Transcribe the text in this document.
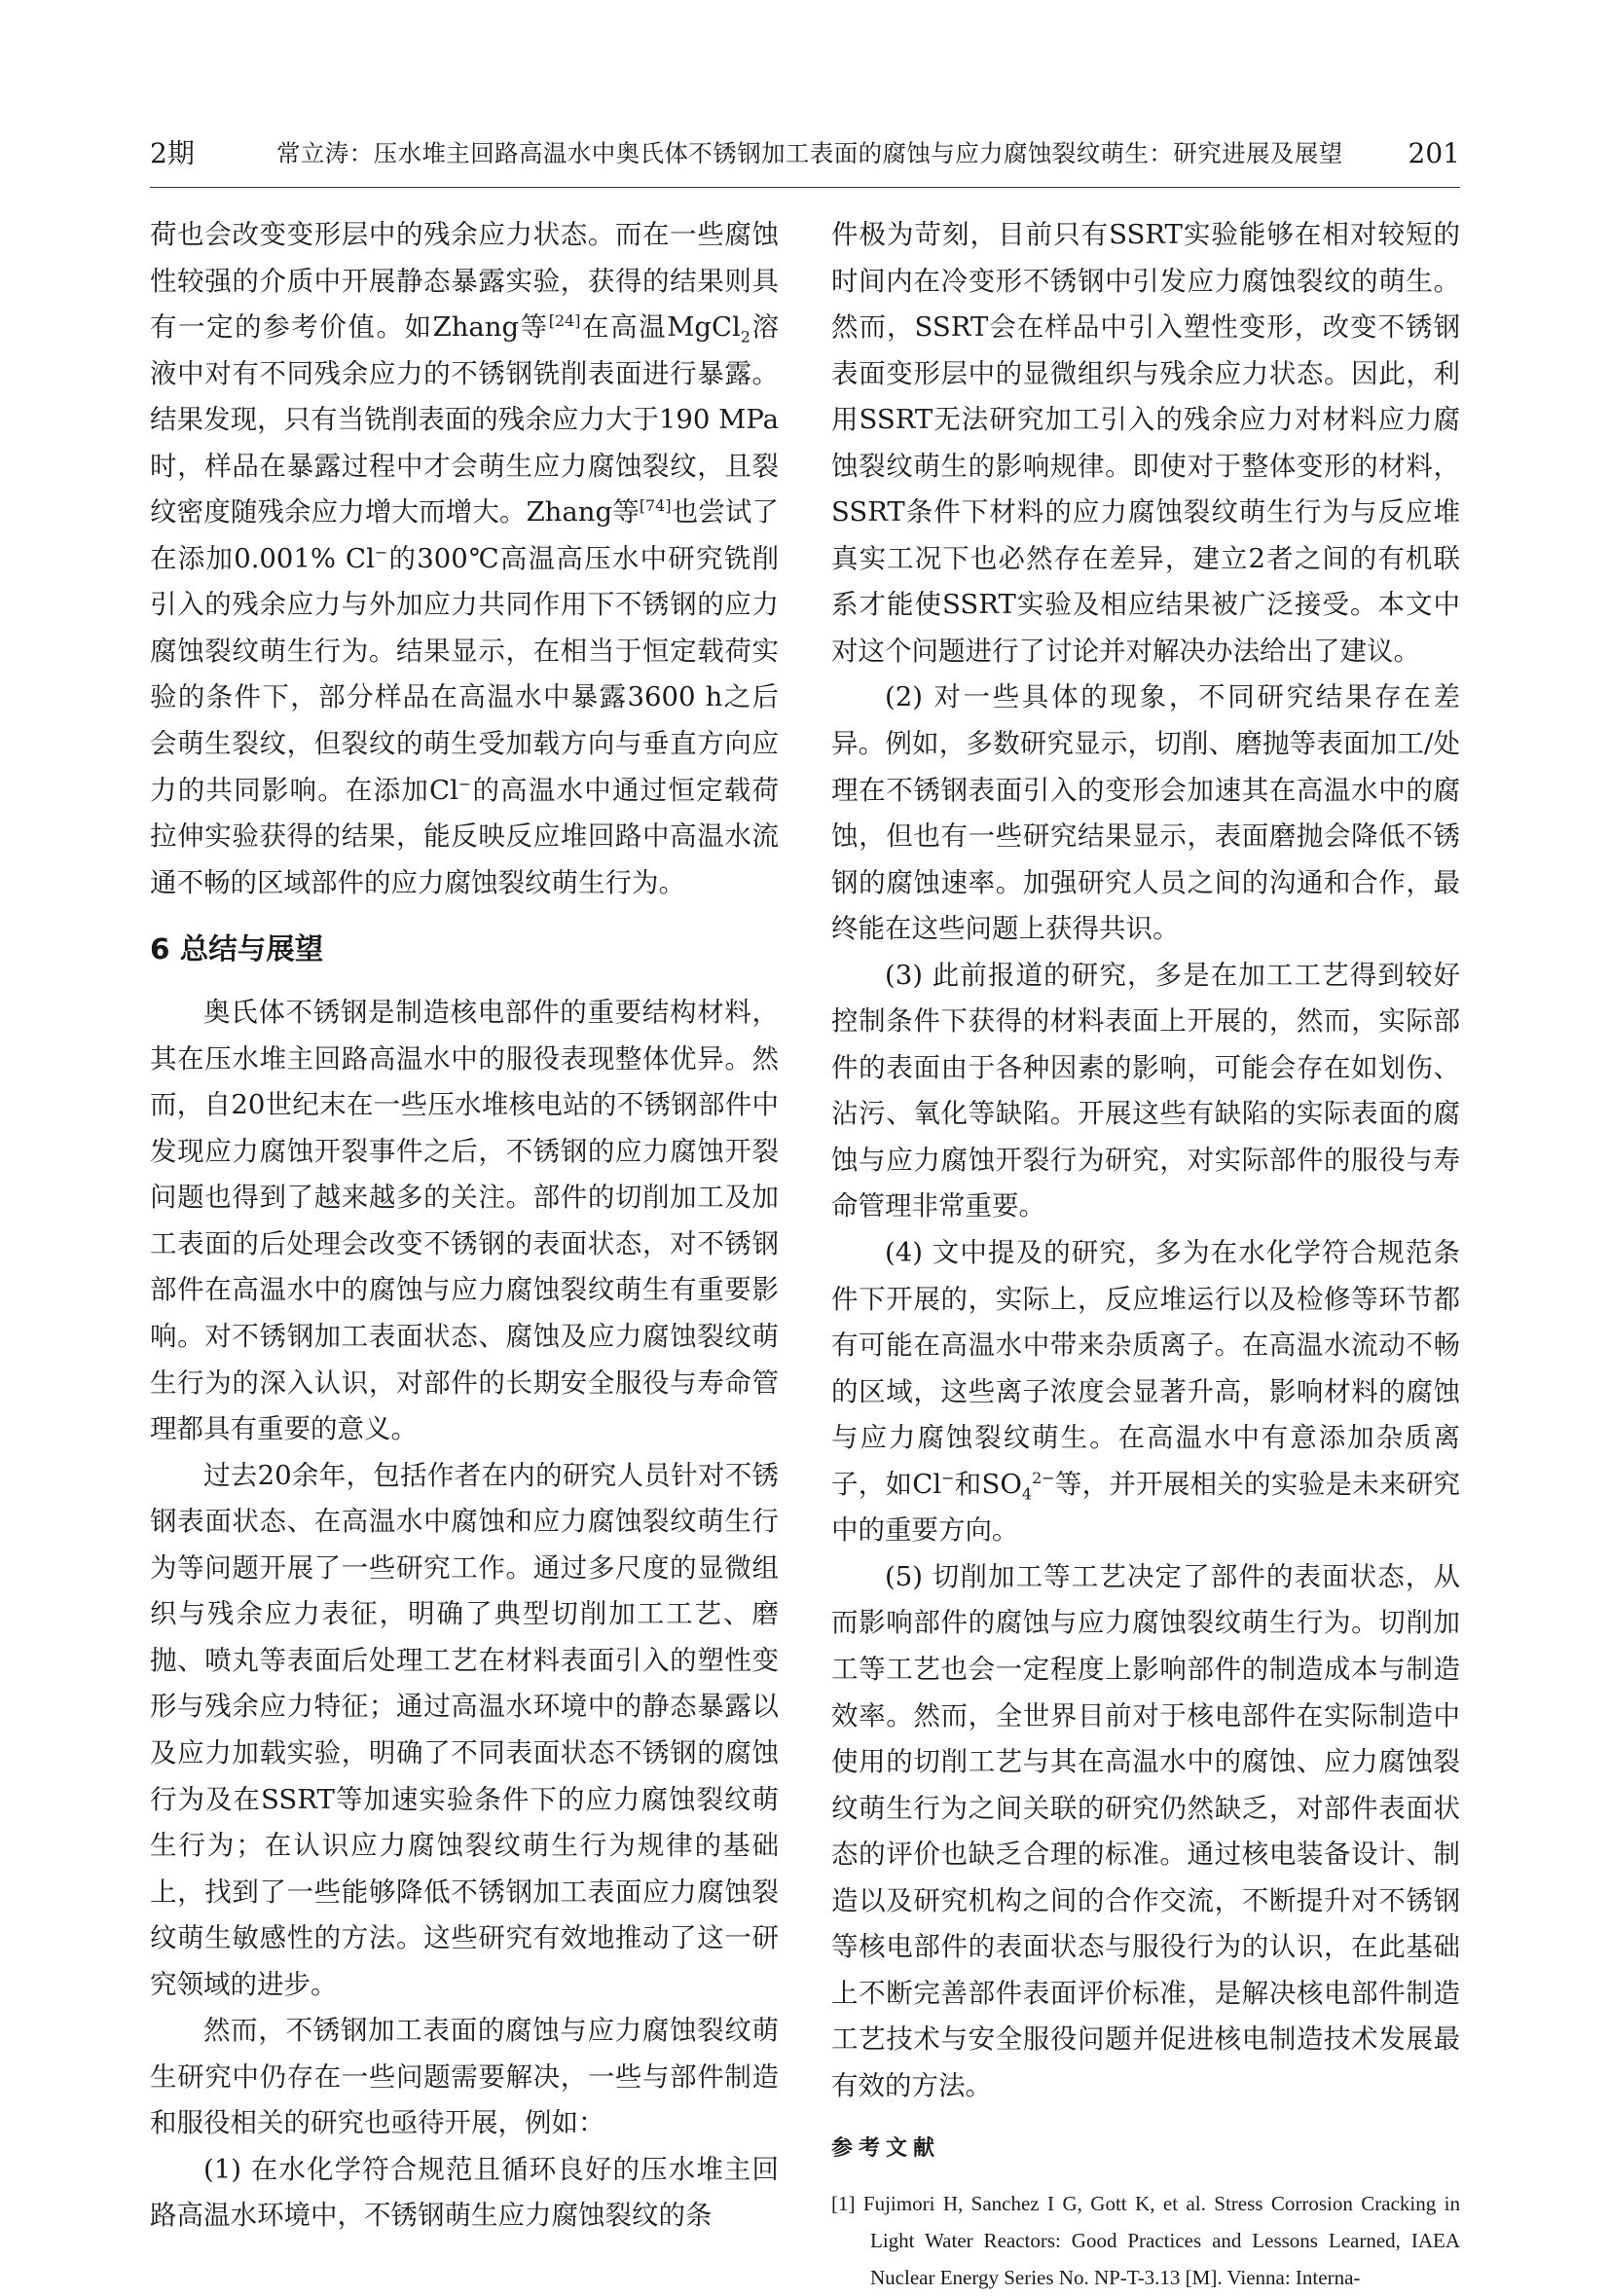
2期	常立涛：压水堆主回路高温水中奥氏体不锈钢加工表面的腐蚀与应力腐蚀裂纹萌生：研究进展及展望 201

荷也会改变变形层中的残余应力状态。而在一些腐蚀性较强的介质中开展静态暴露实验，获得的结果则具有一定的参考价值。如Zhang等[24]在高温MgCl$_2$溶液中对有不同残余应力的不锈钢铣削表面进行暴露。结果发现，只有当铣削表面的残余应力大于190 MPa时，样品在暴露过程中才会萌生应力腐蚀裂纹，且裂纹密度随残余应力增大而增大。Zhang等[74]也尝试了在添加0.001% Cl−的300℃高温高压水中研究铣削引入的残余应力与外加应力共同作用下不锈钢的应力腐蚀裂纹萌生行为。结果显示，在相当于恒定载荷实验的条件下，部分样品在高温水中暴露3600 h之后会萌生裂纹，但裂纹的萌生受加载方向与垂直方向应力的共同影响。在添加Cl−的高温水中通过恒定载荷拉伸实验获得的结果，能反映反应堆回路中高温水流通不畅的区域部件的应力腐蚀裂纹萌生行为。

6 总结与展望

奥氏体不锈钢是制造核电部件的重要结构材料，其在压水堆主回路高温水中的服役表现整体优异。然而，自20世纪末在一些压水堆核电站的不锈钢部件中发现应力腐蚀开裂事件之后，不锈钢的应力腐蚀开裂问题也得到了越来越多的关注。部件的切削加工及加工表面的后处理会改变不锈钢的表面状态，对不锈钢部件在高温水中的腐蚀与应力腐蚀裂纹萌生有重要影响。对不锈钢加工表面状态、腐蚀及应力腐蚀裂纹萌生行为的深入认识，对部件的长期安全服役与寿命管理都具有重要的意义。

过去20余年，包括作者在内的研究人员针对不锈钢表面状态、在高温水中腐蚀和应力腐蚀裂纹萌生行为等问题开展了一些研究工作。通过多尺度的显微组织与残余应力表征，明确了典型切削加工工艺、磨抛、喷丸等表面后处理工艺在材料表面引入的塑性变形与残余应力特征；通过高温水环境中的静态暴露以及应力加载实验，明确了不同表面状态不锈钢的腐蚀行为及在SSRT等加速实验条件下的应力腐蚀裂纹萌生行为；在认识应力腐蚀裂纹萌生行为规律的基础上，找到了一些能够降低不锈钢加工表面应力腐蚀裂纹萌生敏感性的方法。这些研究有效地推动了这一研究领域的进步。

然而，不锈钢加工表面的腐蚀与应力腐蚀裂纹萌生研究中仍存在一些问题需要解决，一些与部件制造和服役相关的研究也亟待开展，例如：

(1) 在水化学符合规范且循环良好的压水堆主回路高温水环境中，不锈钢萌生应力腐蚀裂纹的条

件极为苛刻，目前只有SSRT实验能够在相对较短的时间内在冷变形不锈钢中引发应力腐蚀裂纹的萌生。然而，SSRT会在样品中引入塑性变形，改变不锈钢表面变形层中的显微组织与残余应力状态。因此，利用SSRT无法研究加工引入的残余应力对材料应力腐蚀裂纹萌生的影响规律。即使对于整体变形的材料，SSRT条件下材料的应力腐蚀裂纹萌生行为与反应堆真实工况下也必然存在差异，建立2者之间的有机联系才能使SSRT实验及相应结果被广泛接受。本文中对这个问题进行了讨论并对解决办法给出了建议。

(2) 对一些具体的现象，不同研究结果存在差异。例如，多数研究显示，切削、磨抛等表面加工/处理在不锈钢表面引入的变形会加速其在高温水中的腐蚀，但也有一些研究结果显示，表面磨抛会降低不锈钢的腐蚀速率。加强研究人员之间的沟通和合作，最终能在这些问题上获得共识。

(3) 此前报道的研究，多是在加工工艺得到较好控制条件下获得的材料表面上开展的，然而，实际部件的表面由于各种因素的影响，可能会存在如划伤、沾污、氧化等缺陷。开展这些有缺陷的实际表面的腐蚀与应力腐蚀开裂行为研究，对实际部件的服役与寿命管理非常重要。

(4) 文中提及的研究，多为在水化学符合规范条件下开展的，实际上，反应堆运行以及检修等环节都有可能在高温水中带来杂质离子。在高温水流动不畅的区域，这些离子浓度会显著升高，影响材料的腐蚀与应力腐蚀裂纹萌生。在高温水中有意添加杂质离子，如Cl−和$SO_4^{2-}$等，并开展相关的实验是未来研究中的重要方向。

(5) 切削加工等工艺决定了部件的表面状态，从而影响部件的腐蚀与应力腐蚀裂纹萌生行为。切削加工等工艺也会一定程度上影响部件的制造成本与制造效率。然而，全世界目前对于核电部件在实际制造中使用的切削工艺与其在高温水中的腐蚀、应力腐蚀裂纹萌生行为之间关联的研究仍然缺乏，对部件表面状态的评价也缺乏合理的标准。通过核电装备设计、制造以及研究机构之间的合作交流，不断提升对不锈钢等核电部件的表面状态与服役行为的认识，在此基础上不断完善部件表面评价标准，是解决核电部件制造工艺技术与安全服役问题并促进核电制造技术发展最有效的方法。

参考文献

[1] Fujimori H, Sanchez I G, Gott K, et al. Stress Corrosion Cracking in Light Water Reactors: Good Practices and Lessons Learned, IAEA Nuclear Energy Series No. NP-T-3.13 [M]. Vienna: Interna-
